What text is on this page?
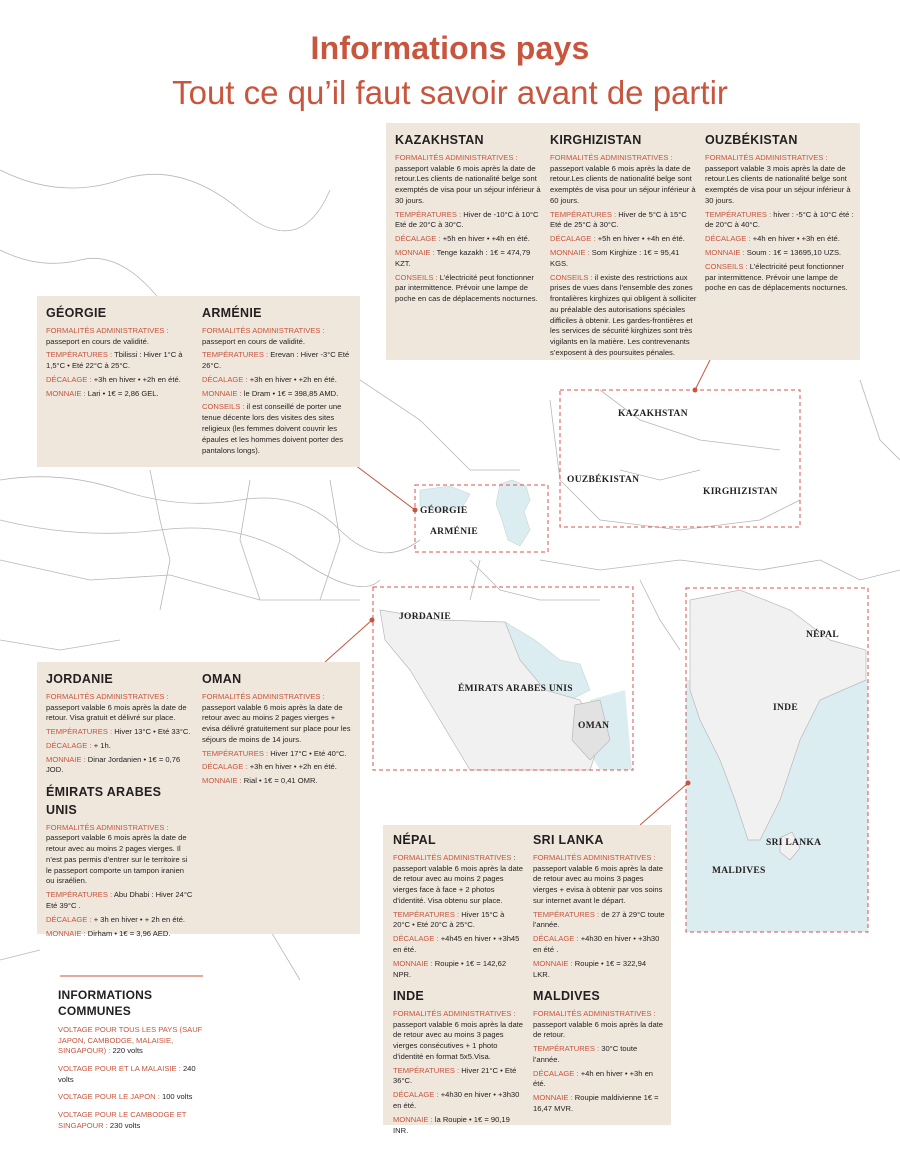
Informations pays
Tout ce qu’il faut savoir avant de partir
KAZAKHSTAN
FORMALITÉS ADMINISTRATIVES : passeport valable 6 mois après la date de retour.Les clients de nationalité belge sont exemptés de visa pour un séjour inférieur à 30 jours.
TEMPÉRATURES : Hiver de -10°C à 10°C Eté de 20°C à 30°C.
DÉCALAGE : +5h en hiver • +4h en été.
MONNAIE : Tenge kazakh : 1€ = 474,79 KZT.
CONSEILS : L’électricité peut fonctionner par intermittence. Prévoir une lampe de poche en cas de déplacements nocturnes.
KIRGHIZISTAN
FORMALITÉS ADMINISTRATIVES : passeport valable 6 mois après la date de retour.Les clients de nationalité belge sont exemptés de visa pour un séjour inférieur à 60 jours.
TEMPÉRATURES : Hiver de 5°C à 15°C Eté de 25°C à 30°C.
DÉCALAGE : +5h en hiver • +4h en été.
MONNAIE : Som Kirghize : 1€ = 95,41 KGS.
CONSEILS : il existe des restrictions aux prises de vues dans l’ensemble des zones frontalières kirghizes qui obligent à solliciter au préalable des autorisations spéciales difficiles à obtenir. Les gardes-frontières et les services de sécurité kirghizes sont très vigilants en la matière. Les contrevenants s’exposent à des poursuites pénales.
OUZBÉKISTAN
FORMALITÉS ADMINISTRATIVES : passeport valable 3 mois après la date de retour.Les clients de nationalité belge sont exemptés de visa pour un séjour inférieur à 30 jours.
TEMPÉRATURES : hiver : -5°C à 10°C été : de 20°C à 40°C.
DÉCALAGE : +4h en hiver • +3h en été.
MONNAIE : Soum : 1€ = 13695,10 UZS.
CONSEILS : L’électricité peut fonctionner par intermittence. Prévoir une lampe de poche en cas de déplacements nocturnes.
GÉORGIE
FORMALITÉS ADMINISTRATIVES : passeport en cours de validité.
TEMPÉRATURES : Tbilissi : Hiver 1°C à 1,5°C • Eté 22°C à 25°C.
DÉCALAGE : +3h en hiver • +2h en été.
MONNAIE : Lari • 1€ = 2,86 GEL.
ARMÉNIE
FORMALITÉS ADMINISTRATIVES : passeport en cours de validité.
TEMPÉRATURES : Erevan : Hiver -3°C Eté 26°C.
DÉCALAGE : +3h en hiver • +2h en été.
MONNAIE : le Dram • 1€ = 398,85 AMD.
CONSEILS : il est conseillé de porter une tenue décente lors des visites des sites religieux (les femmes doivent couvrir les épaules et les hommes doivent porter des pantalons longs).
JORDANIE
FORMALITÉS ADMINISTRATIVES : passeport valable 6 mois après la date de retour. Visa gratuit et délivré sur place.
TEMPÉRATURES : Hiver 13°C • Eté 33°C.
DÉCALAGE : + 1h.
MONNAIE : Dinar Jordanien • 1€ = 0,76 JOD.
OMAN
FORMALITÉS ADMINISTRATIVES : passeport valable 6 mois après la date de retour avec au moins 2 pages vierges + evisa délivré gratuitement sur place pour les séjours de moins de 14 jours.
TEMPÉRATURES : Hiver 17°C • Eté 40°C.
DÉCALAGE : +3h en hiver • +2h en été.
MONNAIE : Rial • 1€ = 0,41 OMR.
ÉMIRATS ARABES UNIS
FORMALITÉS ADMINISTRATIVES : passeport valable 6 mois après la date de retour avec au moins 2 pages vierges. Il n’est pas permis d’entrer sur le territoire si le passeport comporte un tampon iranien ou israélien.
TEMPÉRATURES : Abu Dhabi : Hiver 24°C Eté 39°C .
DÉCALAGE : + 3h en hiver • + 2h en été.
MONNAIE : Dirham • 1€ = 3,96 AED.
NÉPAL
FORMALITÉS ADMINISTRATIVES : passeport valable 6 mois après la date de retour avec au moins 2 pages vierges face à face + 2 photos d’identité. Visa obtenu sur place.
TEMPÉRATURES : Hiver 15°C à 20°C • Eté 20°C à 25°C.
DÉCALAGE : +4h45 en hiver • +3h45 en été.
MONNAIE : Roupie • 1€ = 142,62 NPR.
SRI LANKA
FORMALITÉS ADMINISTRATIVES : passeport valable 6 mois après la date de retour avec au moins 3 pages vierges + evisa à obtenir par vos soins sur internet avant le départ.
TEMPÉRATURES : de 27 à 29°C toute l’année.
DÉCALAGE : +4h30 en hiver • +3h30 en été .
MONNAIE : Roupie • 1€ = 322,94 LKR.
INDE
FORMALITÉS ADMINISTRATIVES : passeport valable 6 mois après la date de retour avec au moins 3 pages vierges consécutives + 1 photo d’identité en format 5x5.Visa.
TEMPÉRATURES : Hiver 21°C • Eté 36°C.
DÉCALAGE : +4h30 en hiver • +3h30 en été.
MONNAIE : la Roupie • 1€ = 90,19 INR.
MALDIVES
FORMALITÉS ADMINISTRATIVES : passeport valable 6 mois après la date de retour.
TEMPÉRATURES : 30°C toute l’année.
DÉCALAGE : +4h en hiver • +3h en été.
MONNAIE : Roupie maldivienne 1€ = 16,47 MVR.
INFORMATIONS COMMUNES
VOLTAGE POUR TOUS LES PAYS (SAUF JAPON, CAMBODGE, MALAISIE, SINGAPOUR) : 220 volts
VOLTAGE POUR ET LA MALAISIE : 240 volts
VOLTAGE POUR LE JAPON : 100 volts
VOLTAGE POUR LE CAMBODGE ET SINGAPOUR : 230 volts
KAZAKHSTAN
OUZBÉKISTAN
KIRGHIZISTAN
GÉORGIE
ARMÉNIE
JORDANIE
ÉMIRATS ARABES UNIS
OMAN
NÉPAL
INDE
SRI LANKA
MALDIVES
